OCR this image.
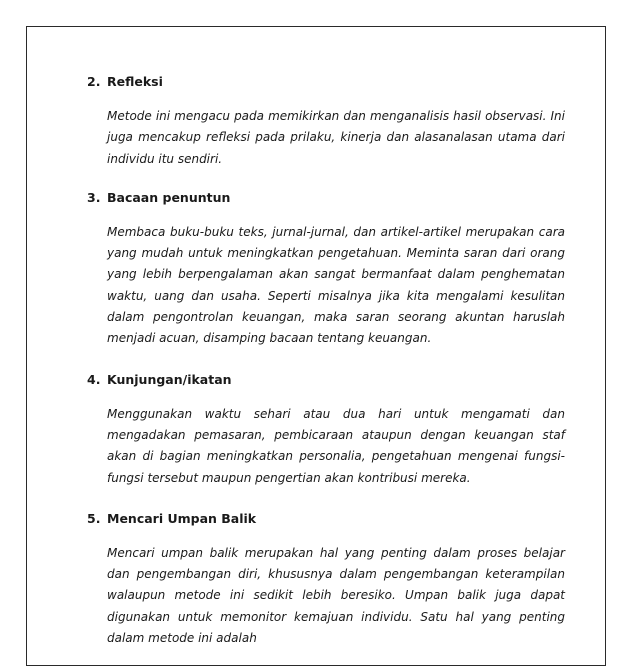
2. Refleksi

Metode ini mengacu pada memikirkan dan menganalisis hasil observasi. Ini juga mencakup refleksi pada prilaku, kinerja dan alasanalasan utama dari individu itu sendiri.

3. Bacaan penuntun

Membaca buku-buku teks, jurnal-jurnal, dan artikel-artikel merupakan cara yang mudah untuk meningkatkan pengetahuan. Meminta saran dari orang yang lebih berpengalaman akan sangat bermanfaat dalam penghematan waktu, uang dan usaha. Seperti misalnya jika kita mengalami kesulitan dalam pengontrolan keuangan, maka saran seorang akuntan haruslah menjadi acuan, disamping bacaan tentang keuangan.

4. Kunjungan/ikatan

Menggunakan waktu sehari atau dua hari untuk mengamati dan mengadakan pemasaran, pembicaraan ataupun dengan keuangan staf akan di bagian meningkatkan personalia, pengetahuan mengenai fungsi-fungsi tersebut maupun pengertian akan kontribusi mereka.

5. Mencari Umpan Balik

Mencari umpan balik merupakan hal yang penting dalam proses belajar dan pengembangan diri, khususnya dalam pengembangan keterampilan walaupun metode ini sedikit lebih beresiko. Umpan balik juga dapat digunakan untuk memonitor kemajuan individu. Satu hal yang penting dalam metode ini adalah
